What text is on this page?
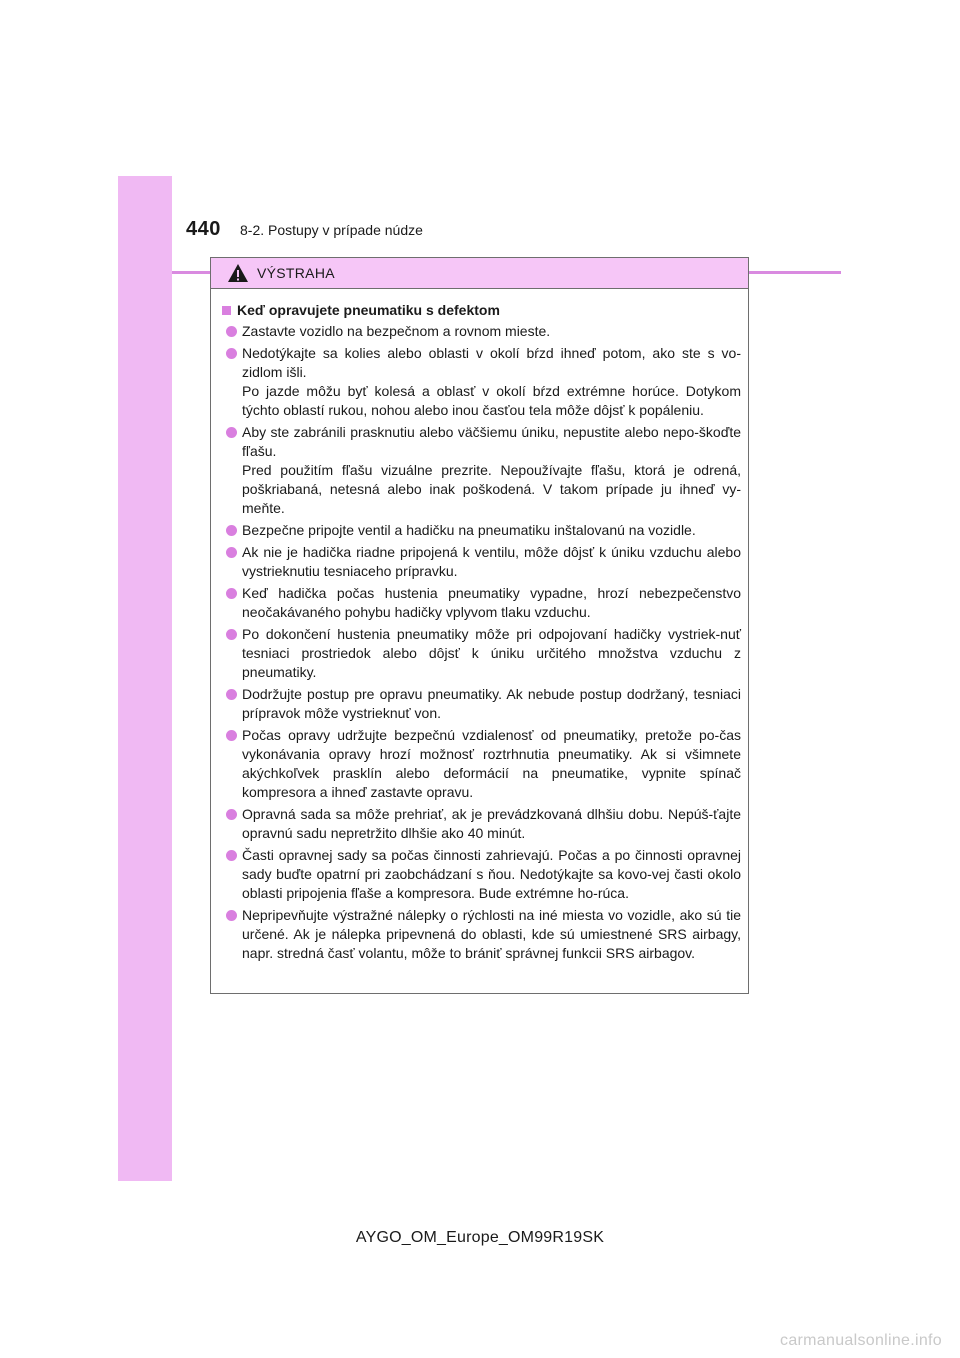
440 8-2. Postupy v prípade núdze
VÝSTRAHA
Keď opravujete pneumatiku s defektom
Zastavte vozidlo na bezpečnom a rovnom mieste.
Nedotýkajte sa kolies alebo oblasti v okolí bŕzd ihneď potom, ako ste s vo-zidlom išli.
Po jazde môžu byť kolesá a oblasť v okolí bŕzd extrémne horúce. Dotykom týchto oblastí rukou, nohou alebo inou časťou tela môže dôjsť k popáleniu.
Aby ste zabránili prasknutiu alebo väčšiemu úniku, nepustite alebo nepo-škoďte fľašu.
Pred použitím fľašu vizuálne prezrite. Nepoužívajte fľašu, ktorá je odrená, poškriabaná, netesná alebo inak poškodená. V takom prípade ju ihneď vy-meňte.
Bezpečne pripojte ventil a hadičku na pneumatiku inštalovanú na vozidle.
Ak nie je hadička riadne pripojená k ventilu, môže dôjsť k úniku vzduchu alebo vystrieknutiu tesniaceho prípravku.
Keď hadička počas hustenia pneumatiky vypadne, hrozí nebezpečenstvo neočakávaného pohybu hadičky vplyvom tlaku vzduchu.
Po dokončení hustenia pneumatiky môže pri odpojovaní hadičky vystriek-nuť tesniaci prostriedok alebo dôjsť k úniku určitého množstva vzduchu z pneumatiky.
Dodržujte postup pre opravu pneumatiky. Ak nebude postup dodržaný, tesniaci prípravok môže vystrieknuť von.
Počas opravy udržujte bezpečnú vzdialenosť od pneumatiky, pretože po-čas vykonávania opravy hrozí možnosť roztrhnutia pneumatiky. Ak si všimnete akýchkoľvek prasklín alebo deformácií na pneumatike, vypnite spínač kompresora a ihneď zastavte opravu.
Opravná sada sa môže prehriať, ak je prevádzkovaná dlhšiu dobu. Nepúš-ťajte opravnú sadu nepretržito dlhšie ako 40 minút.
Časti opravnej sady sa počas činnosti zahrievajú. Počas a po činnosti opravnej sady buďte opatrní pri zaobchádzaní s ňou. Nedotýkajte sa kovo-vej časti okolo oblasti pripojenia fľaše a kompresora. Bude extrémne ho-rúca.
Nepripevňujte výstražné nálepky o rýchlosti na iné miesta vo vozidle, ako sú tie určené. Ak je nálepka pripevnená do oblasti, kde sú umiestnené SRS airbagy, napr. stredná časť volantu, môže to brániť správnej funkcii SRS airbagov.
AYGO_OM_Europe_OM99R19SK
carmanualsonline.info
